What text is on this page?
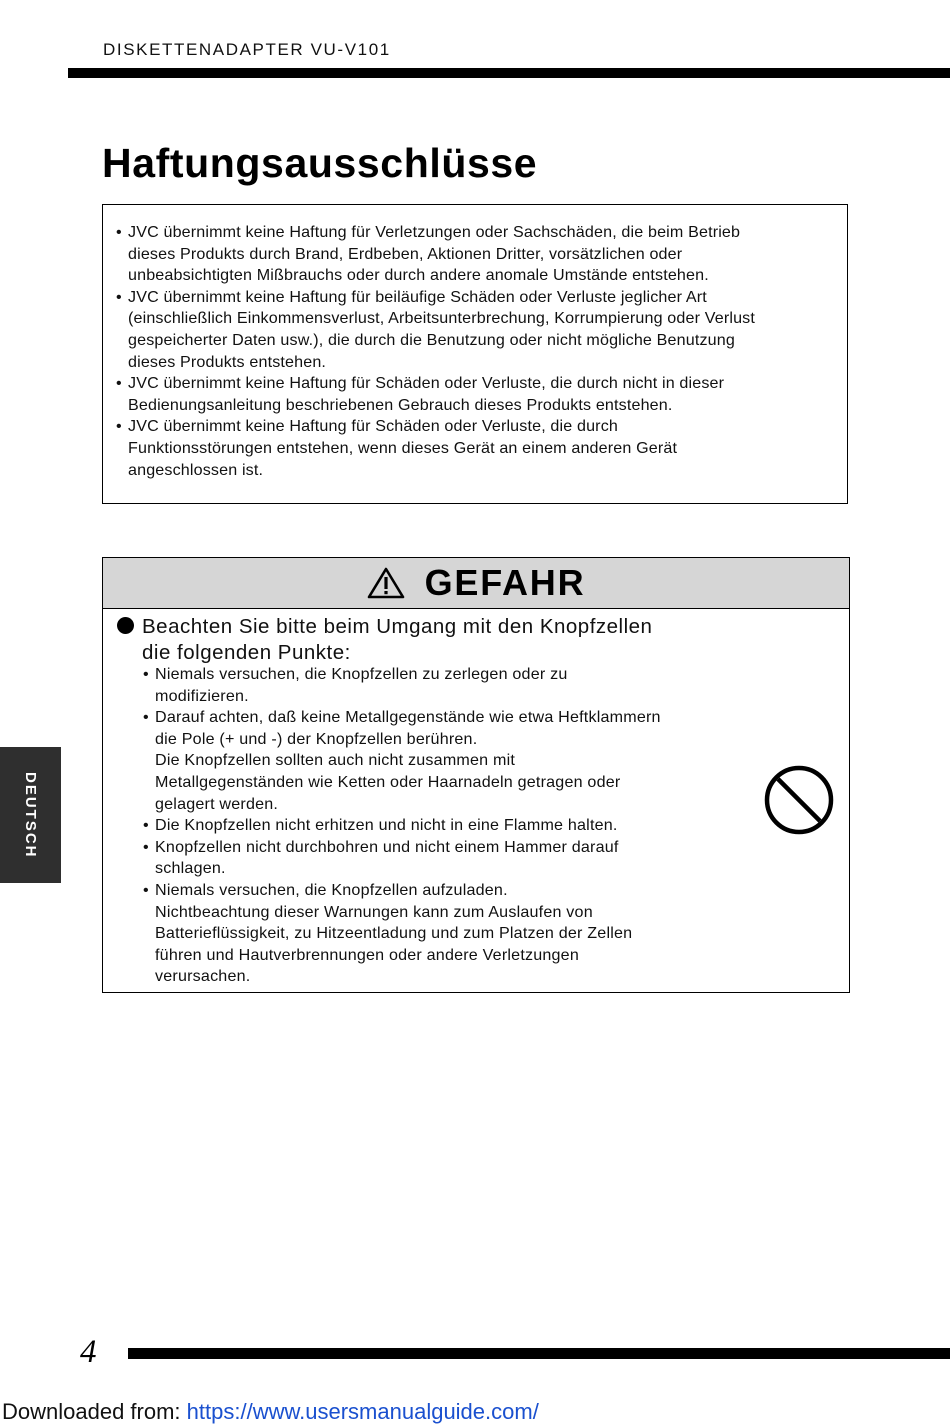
DISKETTENADAPTER VU-V101
Haftungsausschlüsse
• JVC übernimmt keine Haftung für Verletzungen oder Sachschäden, die beim Betrieb
dieses Produkts durch Brand, Erdbeben, Aktionen Dritter, vorsätzlichen oder
unbeabsichtigten Mißbrauchs oder durch andere anomale Umstände entstehen.
• JVC übernimmt keine Haftung für beiläufige Schäden oder Verluste jeglicher Art
(einschließlich Einkommensverlust, Arbeitsunterbrechung, Korrumpierung oder Verlust
gespeicherter Daten usw.), die durch die Benutzung oder nicht mögliche Benutzung
dieses Produkts entstehen.
• JVC übernimmt keine Haftung für Schäden oder Verluste, die durch nicht in dieser
Bedienungsanleitung beschriebenen Gebrauch dieses Produkts entstehen.
• JVC übernimmt keine Haftung für Schäden oder Verluste, die durch
Funktionsstörungen entstehen, wenn dieses Gerät an einem anderen Gerät
angeschlossen ist.
GEFAHR
Beachten Sie bitte beim Umgang mit den Knopfzellen
die folgenden Punkte:
• Niemals versuchen, die Knopfzellen zu zerlegen oder zu
modifizieren.
• Darauf achten, daß keine Metallgegenstände wie etwa Heftklammern
die Pole (+ und -) der Knopfzellen berühren.
Die Knopfzellen sollten auch nicht zusammen mit
Metallgegenständen wie Ketten oder Haarnadeln getragen oder
gelagert werden.
• Die Knopfzellen nicht erhitzen und nicht in eine Flamme halten.
• Knopfzellen nicht durchbohren und nicht einem Hammer darauf
schlagen.
• Niemals versuchen, die Knopfzellen aufzuladen.
Nichtbeachtung dieser Warnungen kann zum Auslaufen von
Batterieflüssigkeit, zu Hitzeentladung und zum Platzen der Zellen
führen und Hautverbrennungen oder andere Verletzungen
verursachen.
DEUTSCH
4
Downloaded from: https://www.usersmanualguide.com/
